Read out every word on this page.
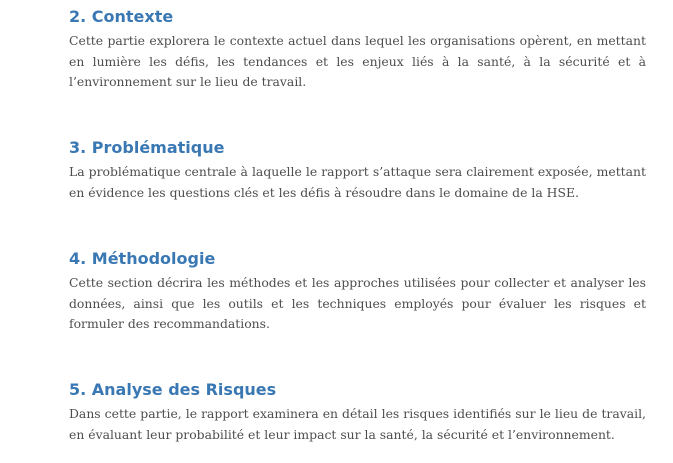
2. Contexte

Cette partie explorera le contexte actuel dans lequel les organisations opèrent, en mettant en lumière les défis, les tendances et les enjeux liés à la santé, à la sécurité et à l’environnement sur le lieu de travail.

3. Problématique

La problématique centrale à laquelle le rapport s’attaque sera clairement exposée, mettant en évidence les questions clés et les défis à résoudre dans le domaine de la HSE.

4. Méthodologie

Cette section décrira les méthodes et les approches utilisées pour collecter et analyser les données, ainsi que les outils et les techniques employés pour évaluer les risques et formuler des recommandations.

5. Analyse des Risques

Dans cette partie, le rapport examinera en détail les risques identifiés sur le lieu de travail, en évaluant leur probabilité et leur impact sur la santé, la sécurité et l’environnement.
